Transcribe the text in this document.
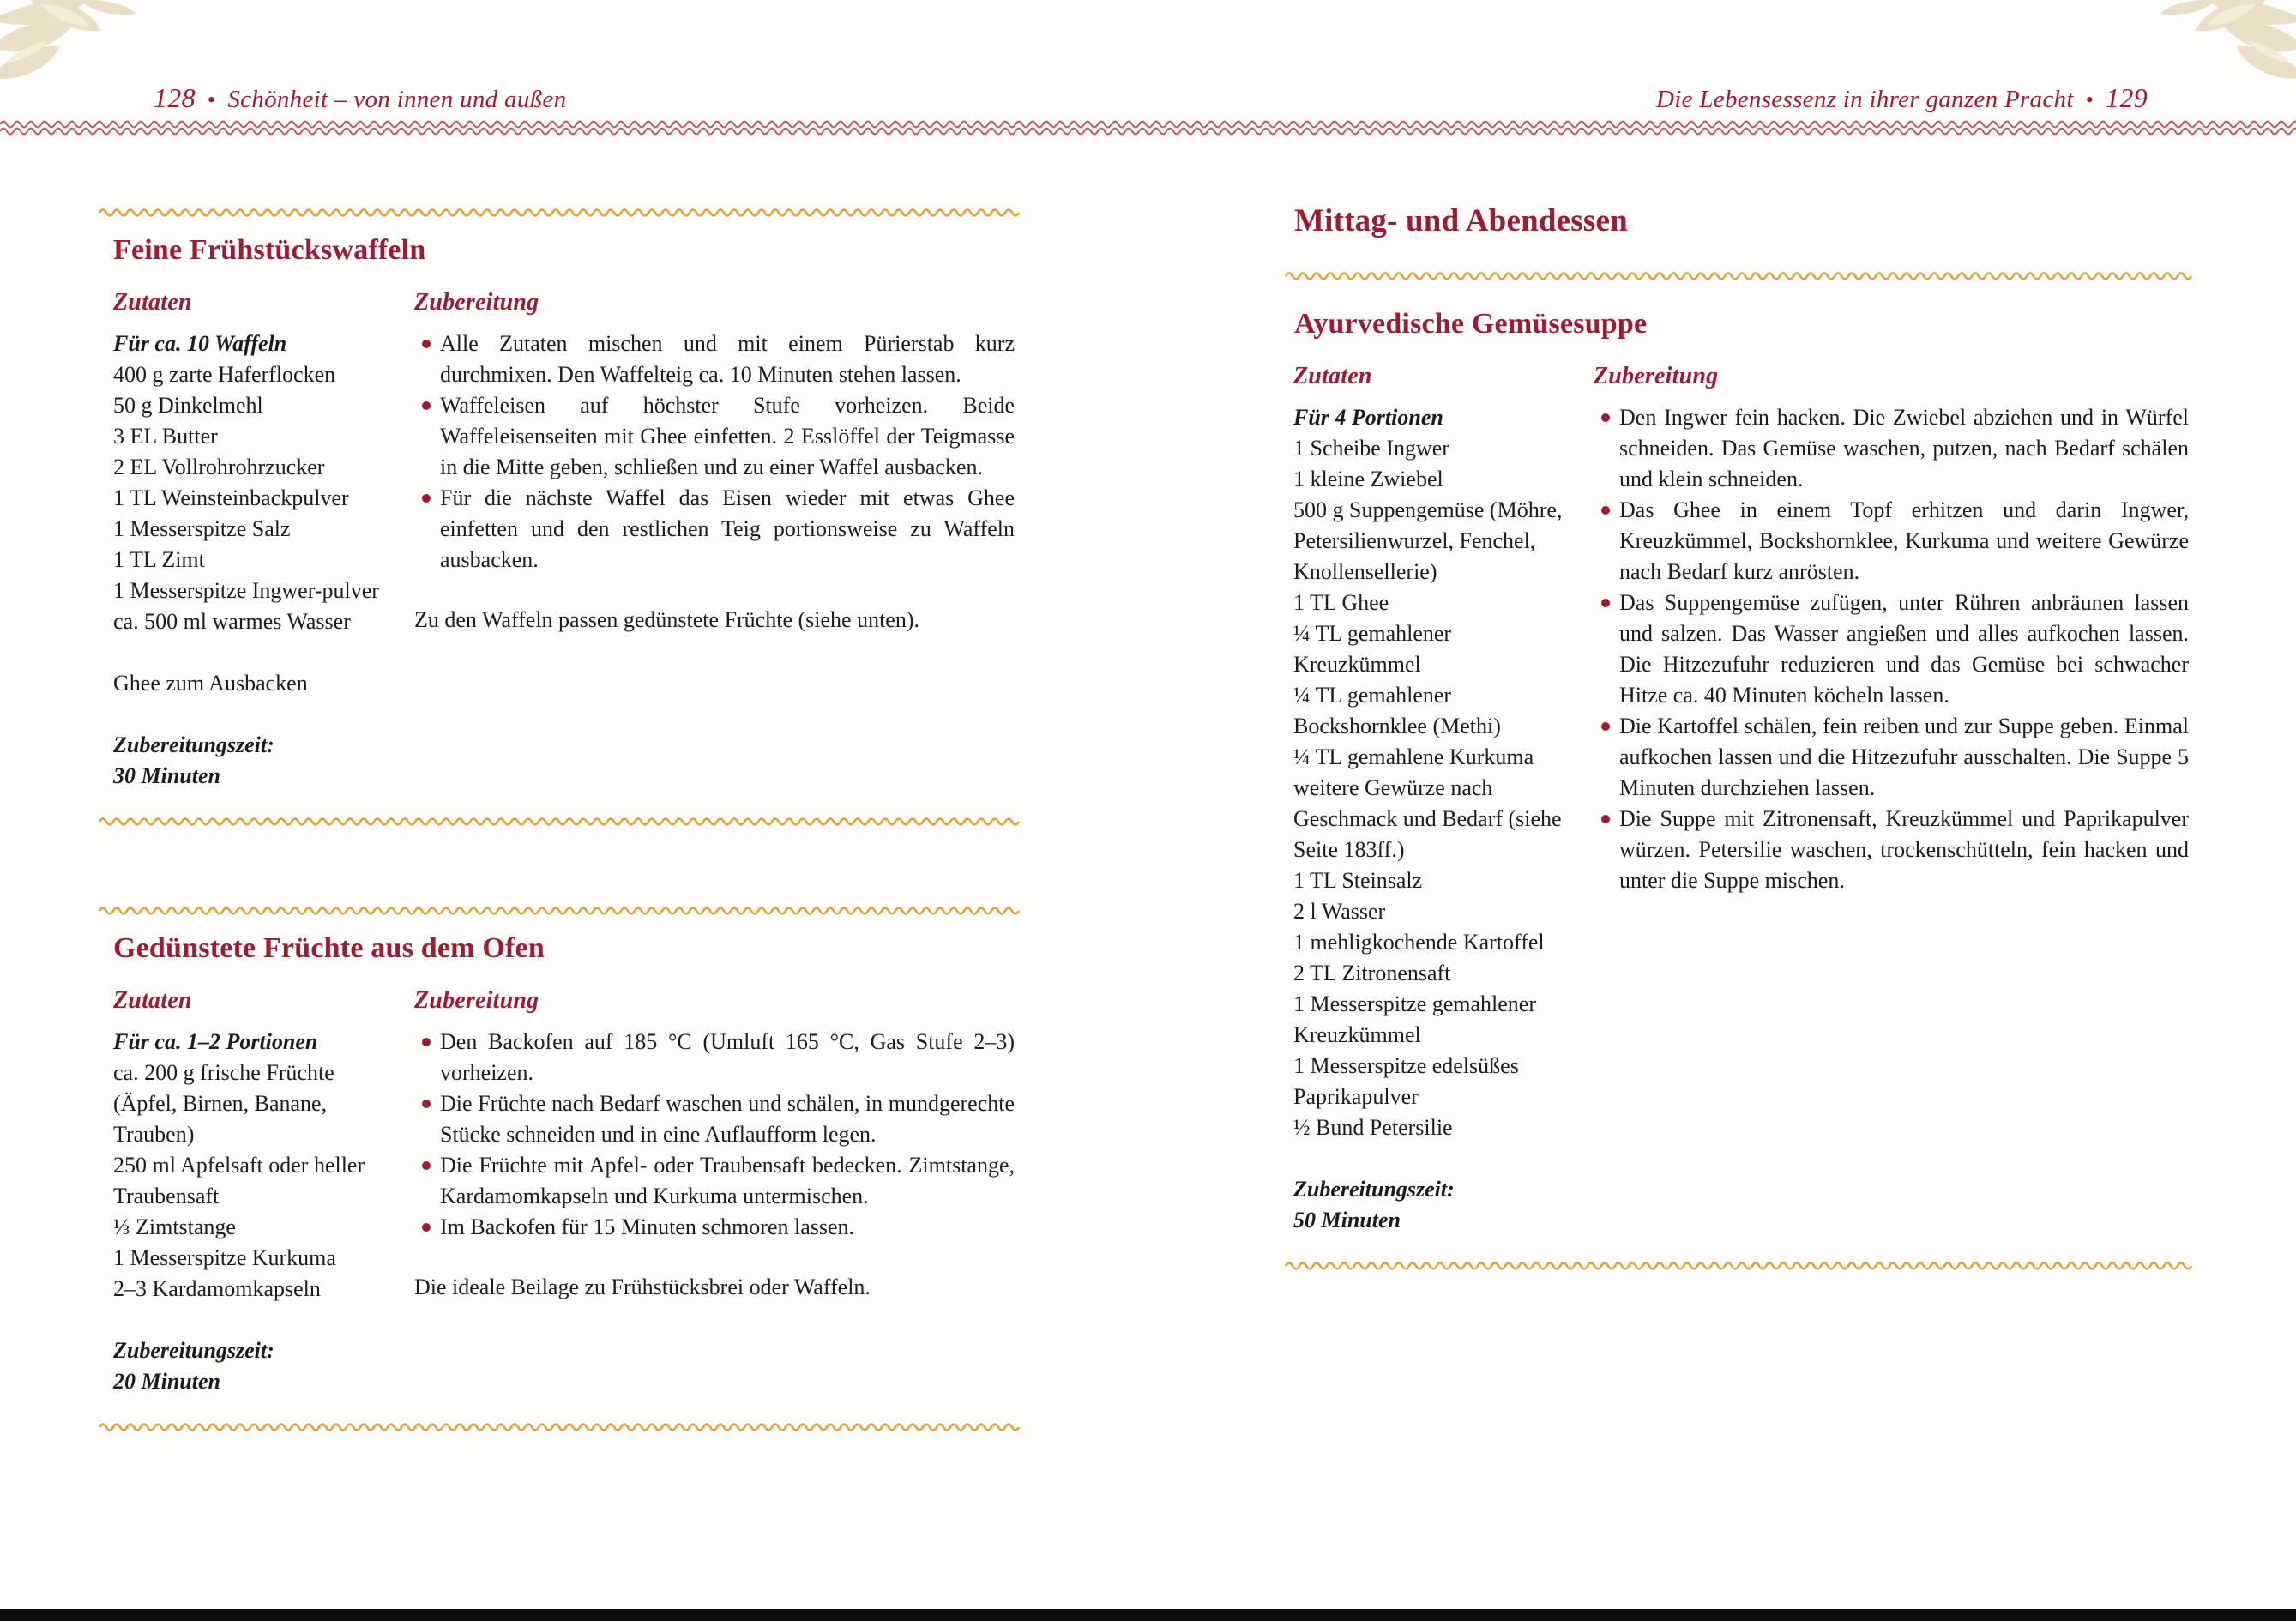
128 • Schönheit – von innen und außen	Die Lebensessenz in ihrer ganzen Pracht • 129
Feine Frühstückswaffeln
Zutaten
Für ca. 10 Waffeln
400 g zarte Haferflocken
50 g Dinkelmehl
3 EL Butter
2 EL Vollrohrohrzucker
1 TL Weinsteinbackpulver
1 Messerspitze Salz
1 TL Zimt
1 Messerspitze Ingwer-pulver
ca. 500 ml warmes Wasser
Ghee zum Ausbacken
Zubereitungszeit:
30 Minuten
Zubereitung
Alle Zutaten mischen und mit einem Pürierstab kurz durchmixen. Den Waffelteig ca. 10 Minuten stehen lassen.
Waffeleisen auf höchster Stufe vorheizen. Beide Waffeleisenseiten mit Ghee einfetten. 2 Esslöffel der Teigmasse in die Mitte geben, schließen und zu einer Waffel ausbacken.
Für die nächste Waffel das Eisen wieder mit etwas Ghee einfetten und den restlichen Teig portionsweise zu Waffeln ausbacken.

Zu den Waffeln passen gedünstete Früchte (siehe unten).

Gedünstete Früchte aus dem Ofen
Zutaten
Für ca. 1–2 Portionen
ca. 200 g frische Früchte (Äpfel, Birnen, Banane, Trauben)
250 ml Apfelsaft oder heller Traubensaft
⅓ Zimtstange
1 Messerspitze Kurkuma
2–3 Kardamomkapseln
Zubereitungszeit:
20 Minuten
Zubereitung
Den Backofen auf 185 °C (Umluft 165 °C, Gas Stufe 2–3) vorheizen.
Die Früchte nach Bedarf waschen und schälen, in mundgerechte Stücke schneiden und in eine Auflaufform legen.
Die Früchte mit Apfel- oder Traubensaft bedecken. Zimtstange, Kardamomkapseln und Kurkuma untermischen.
Im Backofen für 15 Minuten schmoren lassen.

Die ideale Beilage zu Frühstücksbrei oder Waffeln.

Mittag- und Abendessen
Ayurvedische Gemüsesuppe
Zutaten
Für 4 Portionen
1 Scheibe Ingwer
1 kleine Zwiebel
500 g Suppengemüse (Möhre, Petersilienwurzel, Fenchel, Knollensellerie)
1 TL Ghee
¼ TL gemahlener Kreuzkümmel
¼ TL gemahlener Bockshornklee (Methi)
¼ TL gemahlene Kurkuma
weitere Gewürze nach Geschmack und Bedarf (siehe Seite 183ff.)
1 TL Steinsalz
2 l Wasser
1 mehligkochende Kartoffel
2 TL Zitronensaft
1 Messerspitze gemahlener Kreuzkümmel
1 Messerspitze edelsüßes Paprikapulver
½ Bund Petersilie
Zubereitungszeit:
50 Minuten
Zubereitung
Den Ingwer fein hacken. Die Zwiebel abziehen und in Würfel schneiden. Das Gemüse waschen, putzen, nach Bedarf schälen und klein schneiden.
Das Ghee in einem Topf erhitzen und darin Ingwer, Kreuzkümmel, Bockshornklee, Kurkuma und weitere Gewürze nach Bedarf kurz anrösten.
Das Suppengemüse zufügen, unter Rühren anbräunen lassen und salzen. Das Wasser angießen und alles aufkochen lassen. Die Hitzezufuhr reduzieren und das Gemüse bei schwacher Hitze ca. 40 Minuten köcheln lassen.
Die Kartoffel schälen, fein reiben und zur Suppe geben. Einmal aufkochen lassen und die Hitzezufuhr ausschalten. Die Suppe 5 Minuten durchziehen lassen.
Die Suppe mit Zitronensaft, Kreuzkümmel und Paprikapulver würzen. Petersilie waschen, trockenschütteln, fein hacken und unter die Suppe mischen.
